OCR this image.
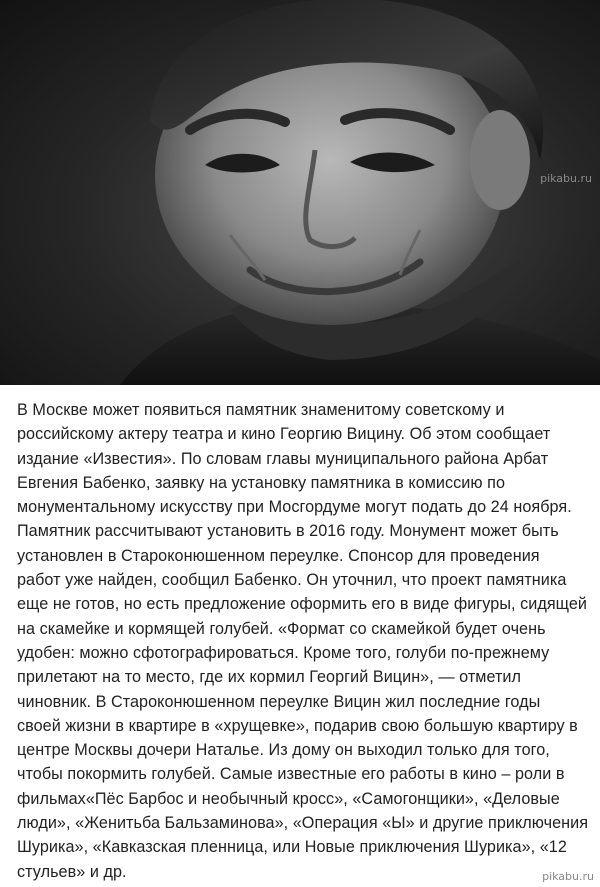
pikabu.ru
В Москве может появиться памятник знаменитому советскому и
российскому актеру театра и кино Георгию Вицину. Об этом сообщает
издание «Известия». По словам главы муниципального района Арбат
Евгения Бабенко, заявку на установку памятника в комиссию по
монументальному искусству при Мосгордуме могут подать до 24 ноября.
Памятник рассчитывают установить в 2016 году. Монумент может быть
установлен в Староконюшенном переулке. Спонсор для проведения
работ уже найден, сообщил Бабенко. Он уточнил, что проект памятника
еще не готов, но есть предложение оформить его в виде фигуры, сидящей
на скамейке и кормящей голубей. «Формат со скамейкой будет очень
удобен: можно сфотографироваться. Кроме того, голуби по-прежнему
прилетают на то место, где их кормил Георгий Вицин», — отметил
чиновник. В Староконюшенном переулке Вицин жил последние годы
своей жизни в квартире в «хрущевке», подарив свою большую квартиру в
центре Москвы дочери Наталье. Из дому он выходил только для того,
чтобы покормить голубей. Самые известные его работы в кино – роли в
фильмах«Пёс Барбос и необычный кросс», «Самогонщики», «Деловые
люди», «Женитьба Бальзаминова», «Операция «Ы» и другие приключения
Шурика», «Кавказская пленница, или Новые приключения Шурика», «12
стульев» и др.	pikabu.ru
